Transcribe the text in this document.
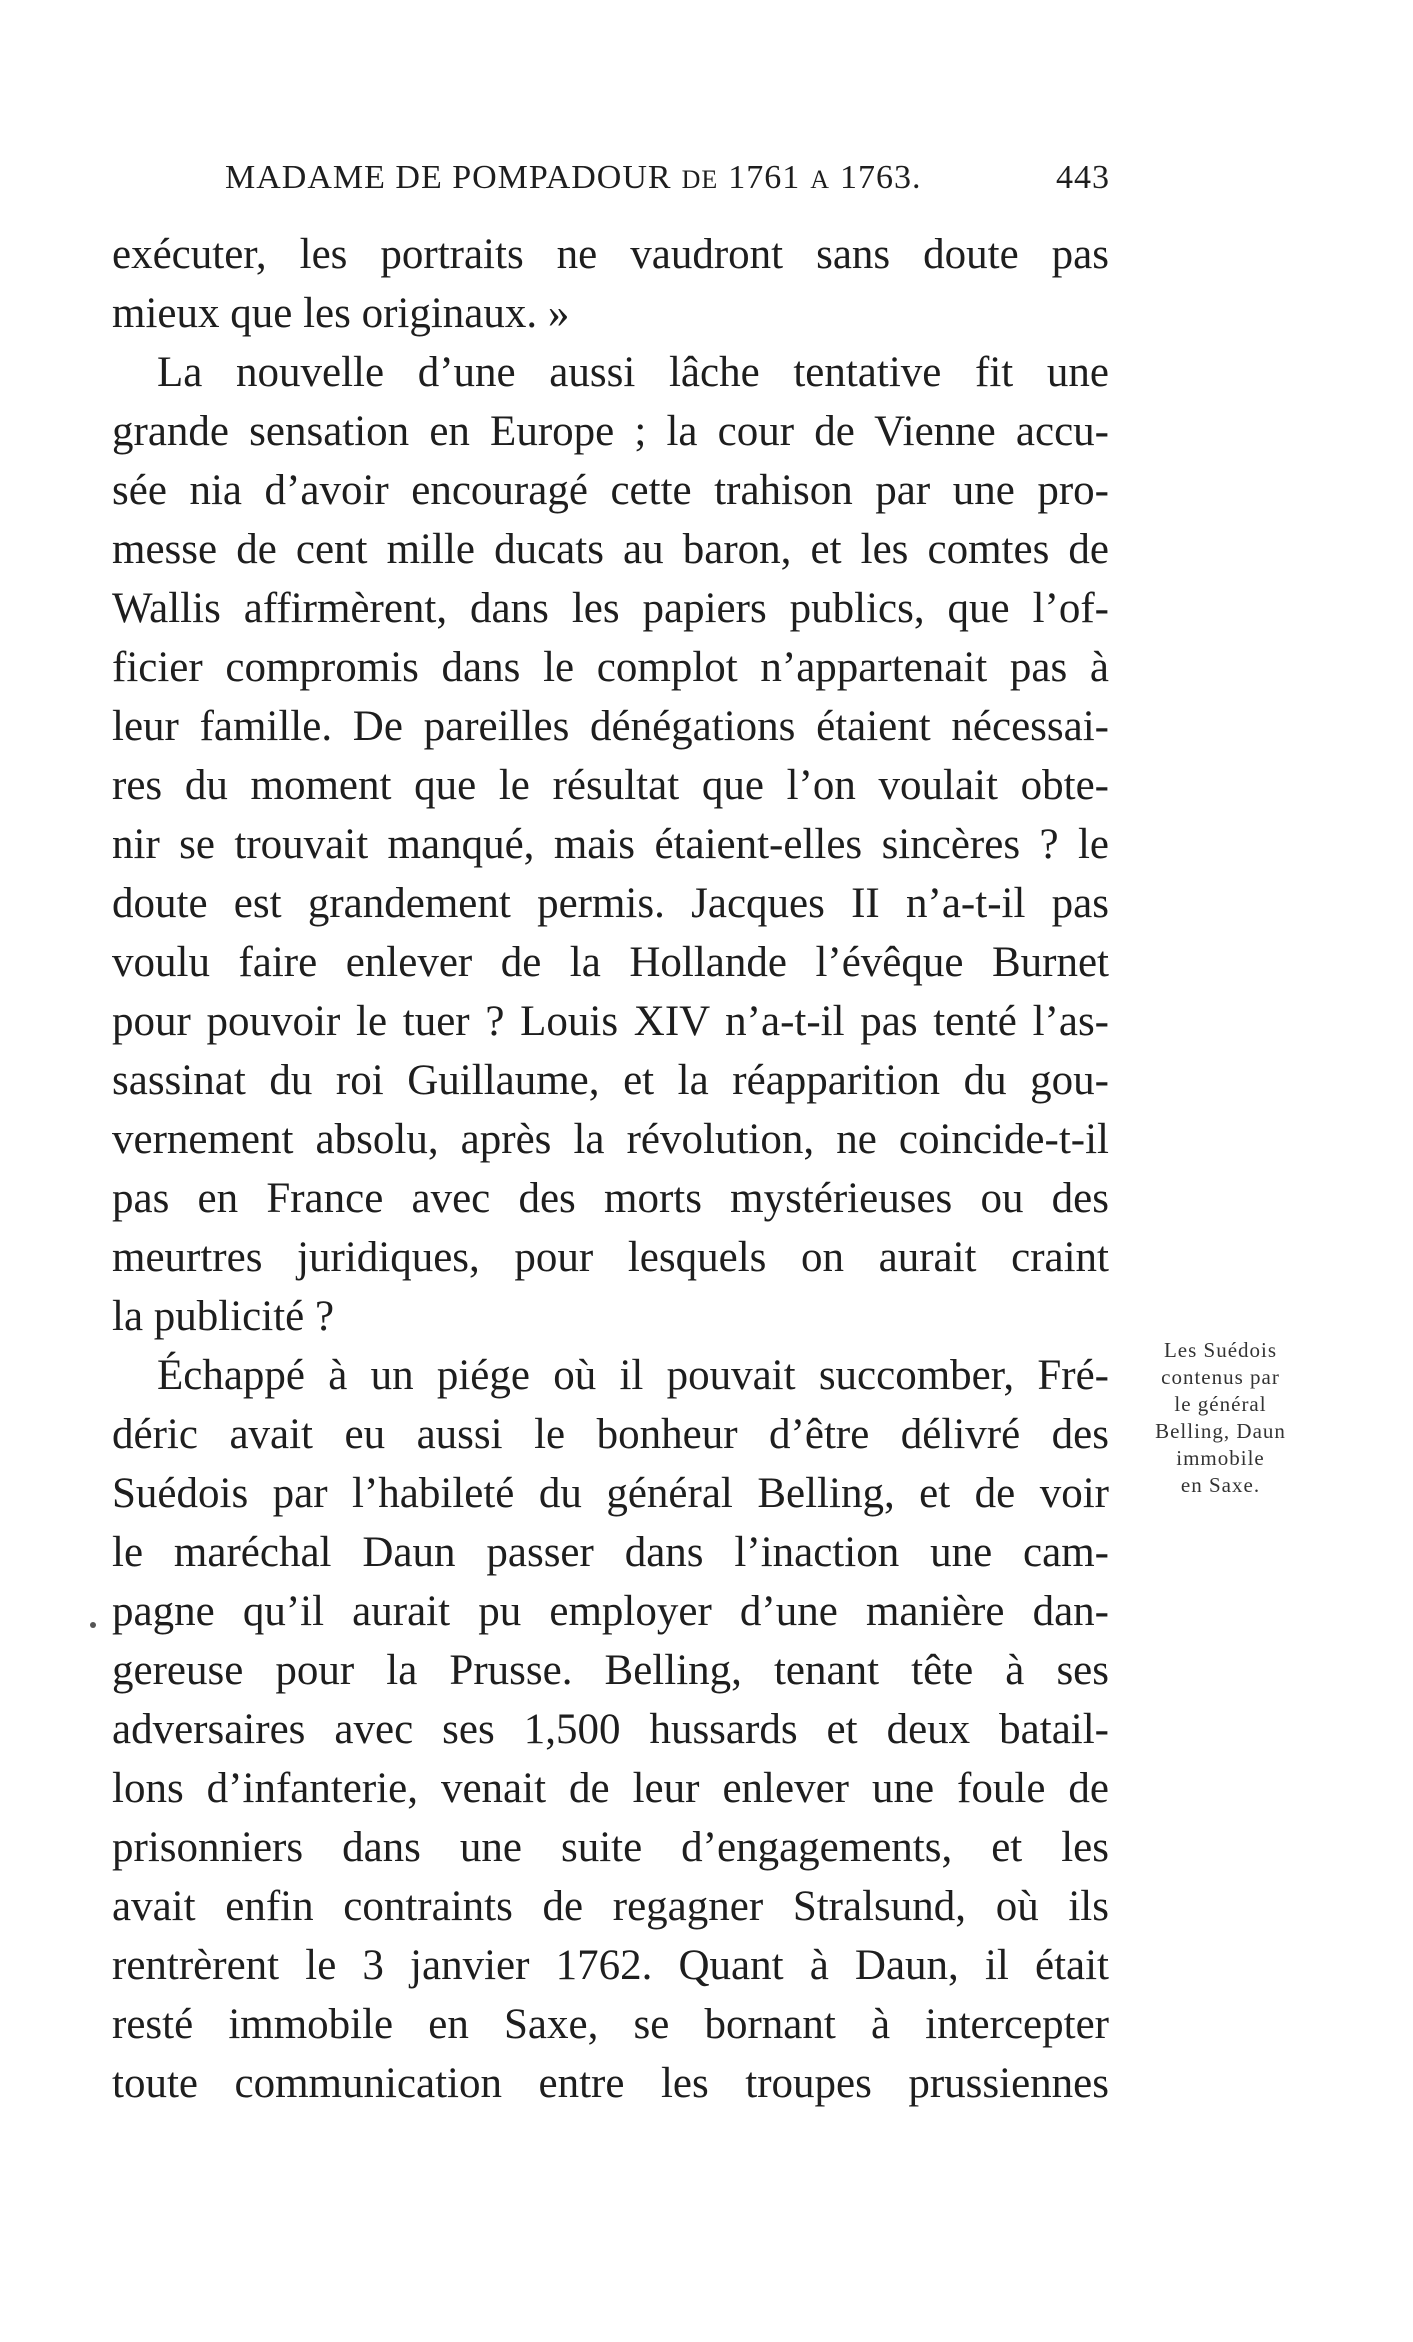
MADAME DE POMPADOUR DE 1761 A 1763.	443
exécuter, les portraits ne vaudront sans doute pas
mieux que les originaux. »
La nouvelle d’une aussi lâche tentative fit une
grande sensation en Europe ; la cour de Vienne accu-
sée nia d’avoir encouragé cette trahison par une pro-
messe de cent mille ducats au baron, et les comtes de
Wallis affirmèrent, dans les papiers publics, que l’of-
ficier compromis dans le complot n’appartenait pas à
leur famille. De pareilles dénégations étaient nécessai-
res du moment que le résultat que l’on voulait obte-
nir se trouvait manqué, mais étaient-elles sincères ? le
doute est grandement permis. Jacques II n’a-t-il pas
voulu faire enlever de la Hollande l’évêque Burnet
pour pouvoir le tuer ? Louis XIV n’a-t-il pas tenté l’as-
sassinat du roi Guillaume, et la réapparition du gou-
vernement absolu, après la révolution, ne coincide-t-il
pas en France avec des morts mystérieuses ou des
meurtres juridiques, pour lesquels on aurait craint
la publicité ?
Échappé à un piége où il pouvait succomber, Fré-
déric avait eu aussi le bonheur d’être délivré des
Suédois par l’habileté du général Belling, et de voir
le maréchal Daun passer dans l’inaction une cam-
pagne qu’il aurait pu employer d’une manière dan-
gereuse pour la Prusse. Belling, tenant tête à ses
adversaires avec ses 1,500 hussards et deux batail-
lons d’infanterie, venait de leur enlever une foule de
prisonniers dans une suite d’engagements, et les
avait enfin contraints de regagner Stralsund, où ils
rentrèrent le 3 janvier 1762. Quant à Daun, il était
resté immobile en Saxe, se bornant à intercepter
toute communication entre les troupes prussiennes
Les Suédois
contenus par
le général
Belling, Daun
immobile
en Saxe.
